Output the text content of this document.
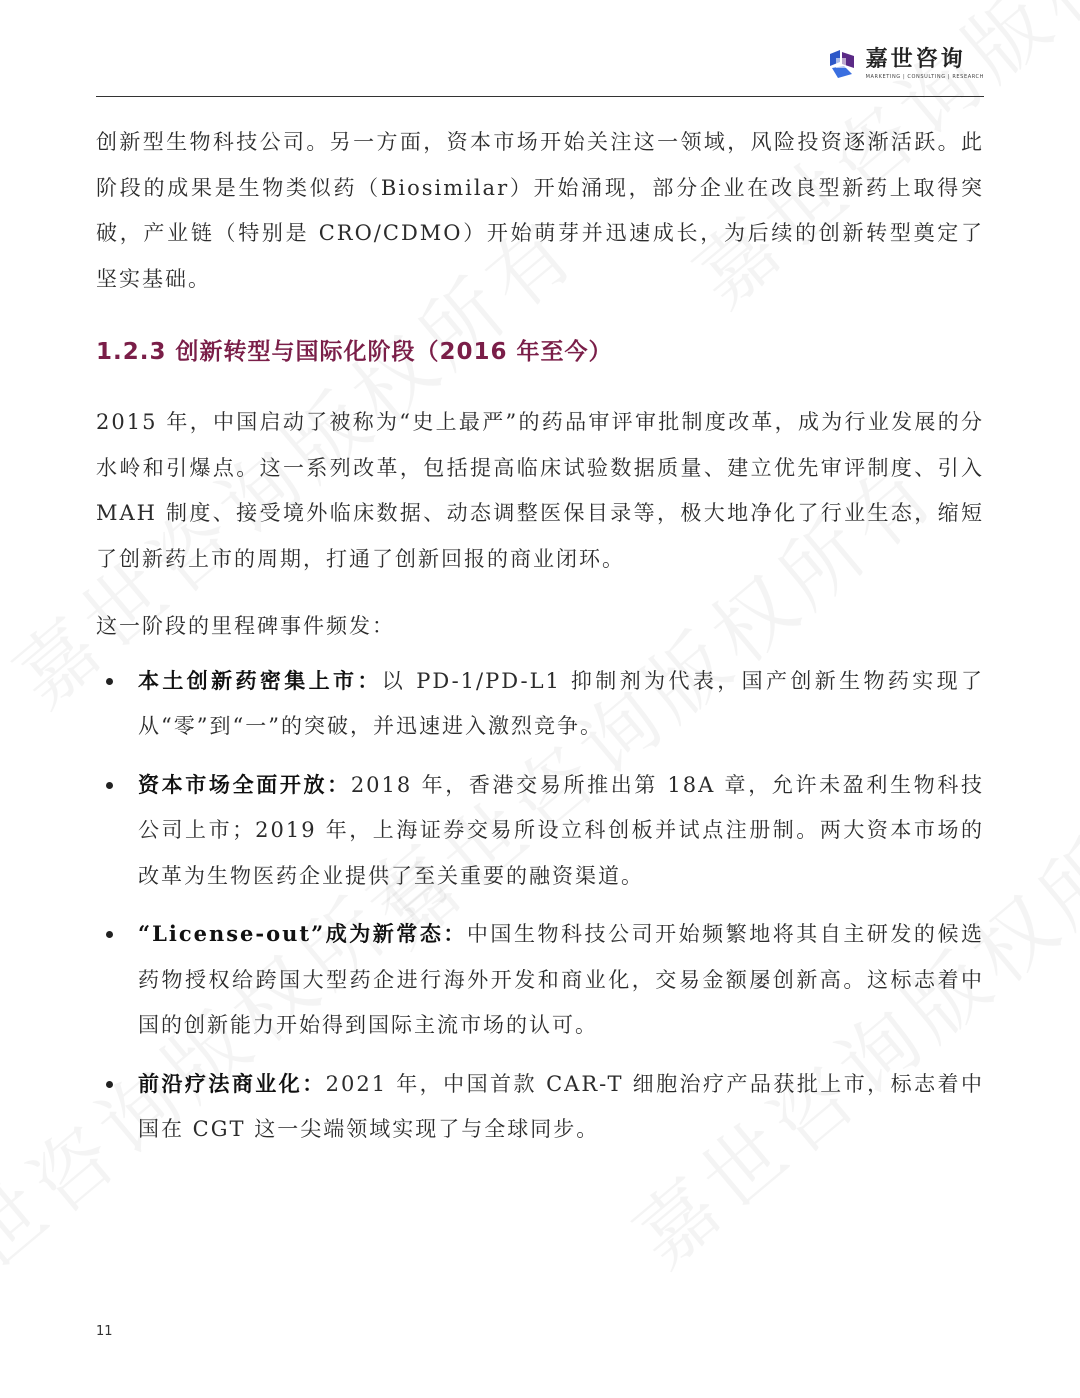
嘉世咨询
MARKETING | CONSULTING | RESEARCH

创新型生物科技公司。另一方面，资本市场开始关注这一领域，风险投资逐渐活跃。此阶段的成果是生物类似药（Biosimilar）开始涌现，部分企业在改良型新药上取得突破，产业链（特别是 CRO/CDMO）开始萌芽并迅速成长，为后续的创新转型奠定了坚实基础。

1.2.3 创新转型与国际化阶段（2016 年至今）

2015 年，中国启动了被称为“史上最严”的药品审评审批制度改革，成为行业发展的分水岭和引爆点。这一系列改革，包括提高临床试验数据质量、建立优先审评制度、引入 MAH 制度、接受境外临床数据、动态调整医保目录等，极大地净化了行业生态，缩短了创新药上市的周期，打通了创新回报的商业闭环。

这一阶段的里程碑事件频发：

本土创新药密集上市：以 PD-1/PD-L1 抑制剂为代表，国产创新生物药实现了从“零”到“一”的突破，并迅速进入激烈竞争。
资本市场全面开放：2018 年，香港交易所推出第 18A 章，允许未盈利生物科技公司上市；2019 年，上海证券交易所设立科创板并试点注册制。两大资本市场的改革为生物医药企业提供了至关重要的融资渠道。
“License-out”成为新常态：中国生物科技公司开始频繁地将其自主研发的候选药物授权给跨国大型药企进行海外开发和商业化，交易金额屡创新高。这标志着中国的创新能力开始得到国际主流市场的认可。
前沿疗法商业化：2021 年，中国首款 CAR-T 细胞治疗产品获批上市，标志着中国在 CGT 这一尖端领域实现了与全球同步。
11
